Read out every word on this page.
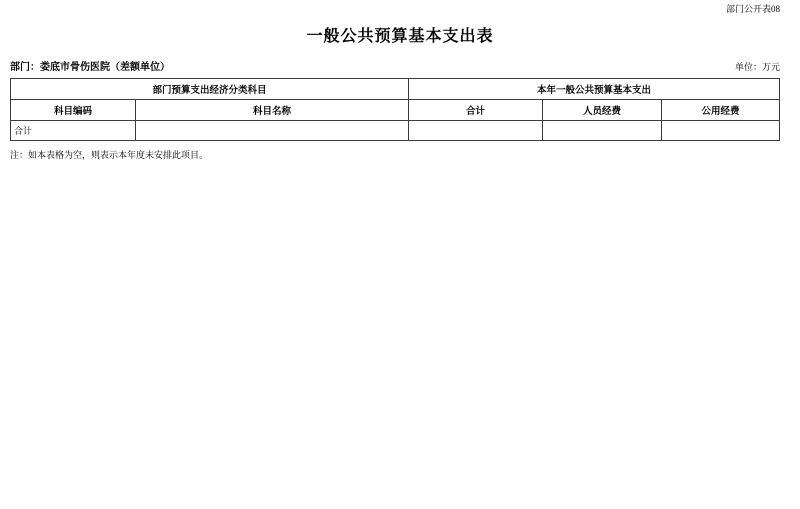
部门公开表08
一般公共预算基本支出表
部门：娄底市骨伤医院（差额单位）	单位：万元
部门预算支出经济分类科目		本年一般公共预算基本支出		
科目编码	科目名称	合计	人员经费	公用经费
合计				
注：如本表格为空，则表示本年度未安排此项目。
